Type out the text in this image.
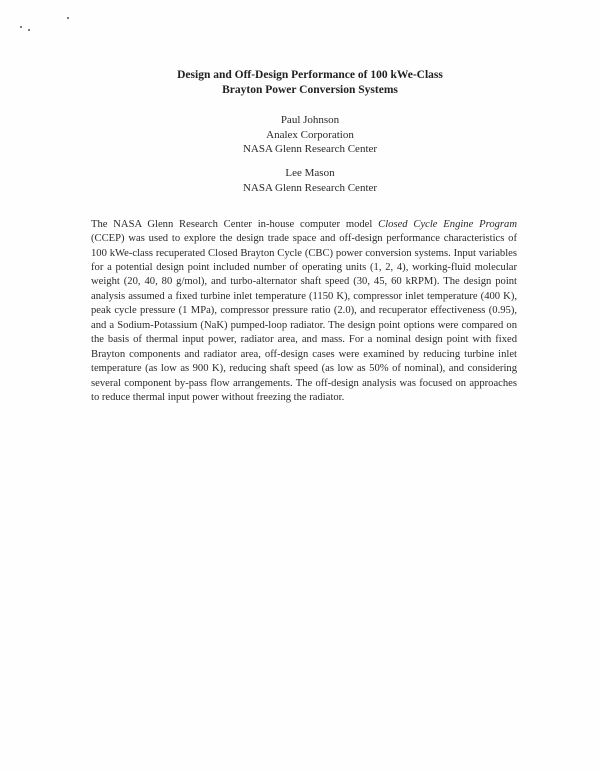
Design and Off-Design Performance of 100 kWe-Class
Brayton Power Conversion Systems
Paul Johnson
Analex Corporation
NASA Glenn Research Center
Lee Mason
NASA Glenn Research Center

The NASA Glenn Research Center in-house computer model Closed Cycle Engine Program (CCEP) was used to explore the design trade space and off-design performance characteristics of 100 kWe-class recuperated Closed Brayton Cycle (CBC) power conversion systems. Input variables for a potential design point included number of operating units (1, 2, 4), working-fluid molecular weight (20, 40, 80 g/mol), and turbo-alternator shaft speed (30, 45, 60 kRPM). The design point analysis assumed a fixed turbine inlet temperature (1150 K), compressor inlet temperature (400 K), peak cycle pressure (1 MPa), compressor pressure ratio (2.0), and recuperator effectiveness (0.95), and a Sodium-Potassium (NaK) pumped-loop radiator. The design point options were compared on the basis of thermal input power, radiator area, and mass. For a nominal design point with fixed Brayton components and radiator area, off-design cases were examined by reducing turbine inlet temperature (as low as 900 K), reducing shaft speed (as low as 50% of nominal), and considering several component by-pass flow arrangements. The off-design analysis was focused on approaches to reduce thermal input power without freezing the radiator.
